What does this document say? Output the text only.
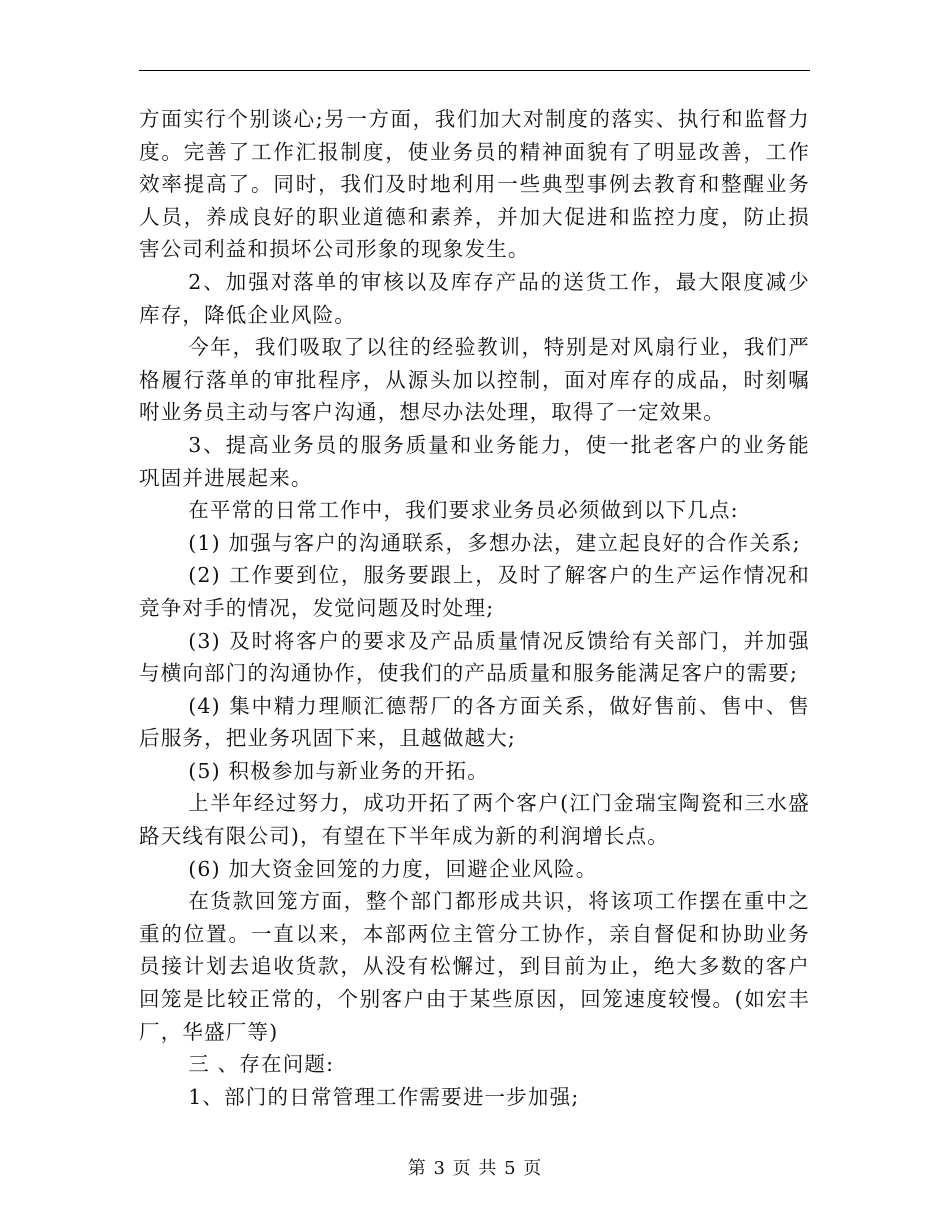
方面实行个别谈心;另一方面，我们加大对制度的落实、执行和监督力度。完善了工作汇报制度，使业务员的精神面貌有了明显改善，工作效率提高了。同时，我们及时地利用一些典型事例去教育和整醒业务人员，养成良好的职业道德和素养，并加大促进和监控力度，防止损害公司利益和损坏公司形象的现象发生。

2、加强对落单的审核以及库存产品的送货工作，最大限度减少库存，降低企业风险。

今年，我们吸取了以往的经验教训，特别是对风扇行业，我们严格履行落单的审批程序，从源头加以控制，面对库存的成品，时刻嘱咐业务员主动与客户沟通，想尽办法处理，取得了一定效果。

3、提高业务员的服务质量和业务能力，使一批老客户的业务能巩固并进展起来。

在平常的日常工作中，我们要求业务员必须做到以下几点:

(1) 加强与客户的沟通联系，多想办法，建立起良好的合作关系;

(2) 工作要到位，服务要跟上，及时了解客户的生产运作情况和竞争对手的情况，发觉问题及时处理;

(3) 及时将客户的要求及产品质量情况反馈给有关部门，并加强与横向部门的沟通协作，使我们的产品质量和服务能满足客户的需要;

(4) 集中精力理顺汇德帮厂的各方面关系，做好售前、售中、售后服务，把业务巩固下来，且越做越大;

(5) 积极参加与新业务的开拓。

上半年经过努力，成功开拓了两个客户(江门金瑞宝陶瓷和三水盛路天线有限公司)，有望在下半年成为新的利润增长点。

(6) 加大资金回笼的力度，回避企业风险。

在货款回笼方面，整个部门都形成共识，将该项工作摆在重中之重的位置。一直以来，本部两位主管分工协作，亲自督促和协助业务员接计划去追收货款，从没有松懈过，到目前为止，绝大多数的客户回笼是比较正常的，个别客户由于某些原因，回笼速度较慢。(如宏丰厂，华盛厂等)

三 、存在问题:

1、部门的日常管理工作需要进一步加强;

第 3 页 共 5 页
